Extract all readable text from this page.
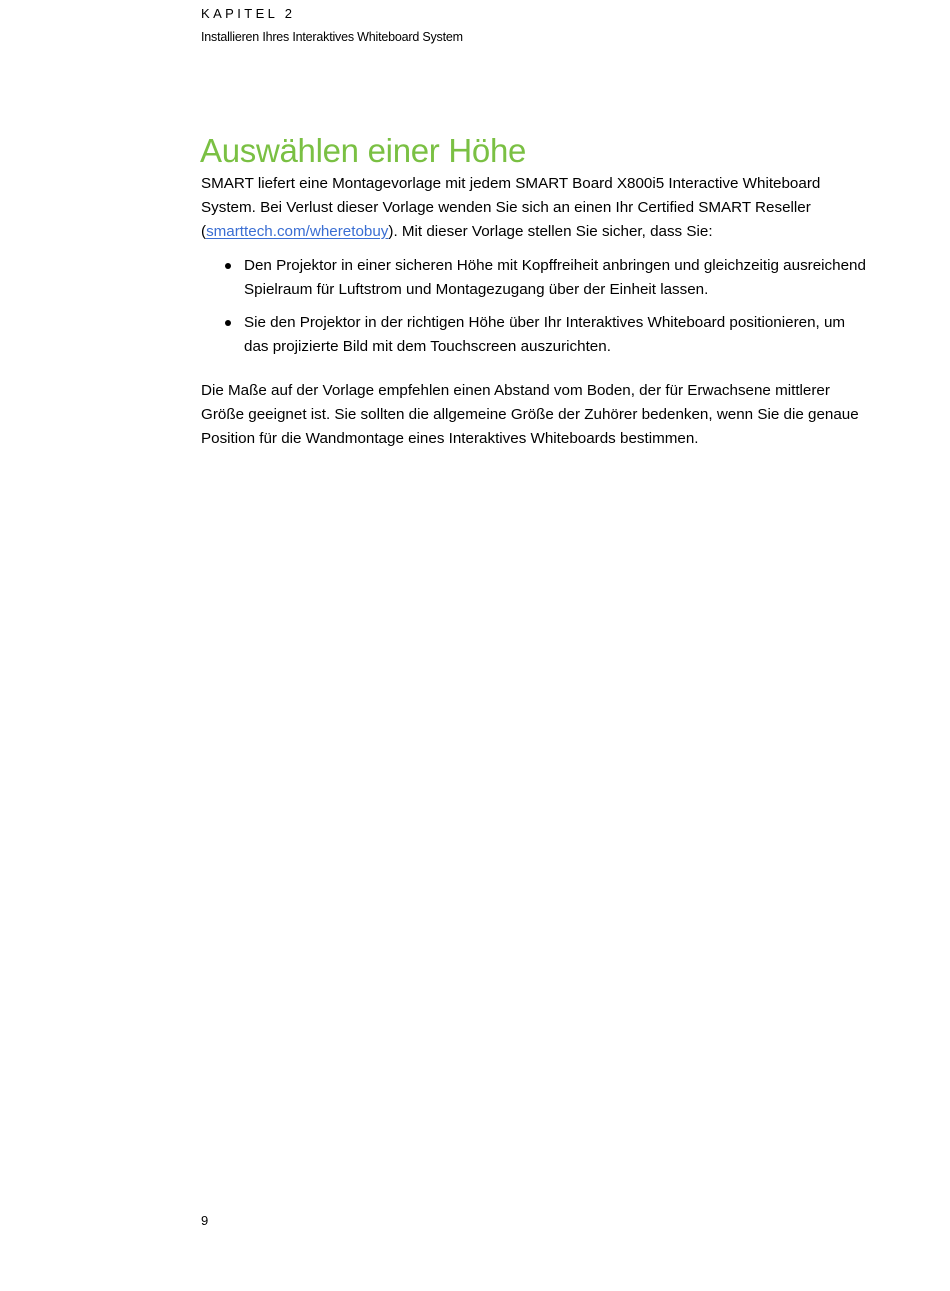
KAPITEL 2
Installieren Ihres Interaktives Whiteboard System
Auswählen einer Höhe

SMART liefert eine Montagevorlage mit jedem SMART Board X800i5 Interactive Whiteboard System. Bei Verlust dieser Vorlage wenden Sie sich an einen Ihr Certified SMART Reseller (smarttech.com/wheretobuy). Mit dieser Vorlage stellen Sie sicher, dass Sie:

Den Projektor in einer sicheren Höhe mit Kopffreiheit anbringen und gleichzeitig ausreichend Spielraum für Luftstrom und Montagezugang über der Einheit lassen.
Sie den Projektor in der richtigen Höhe über Ihr Interaktives Whiteboard positionieren, um das projizierte Bild mit dem Touchscreen auszurichten.

Die Maße auf der Vorlage empfehlen einen Abstand vom Boden, der für Erwachsene mittlerer Größe geeignet ist. Sie sollten die allgemeine Größe der Zuhörer bedenken, wenn Sie die genaue Position für die Wandmontage eines Interaktives Whiteboards bestimmen.

9
